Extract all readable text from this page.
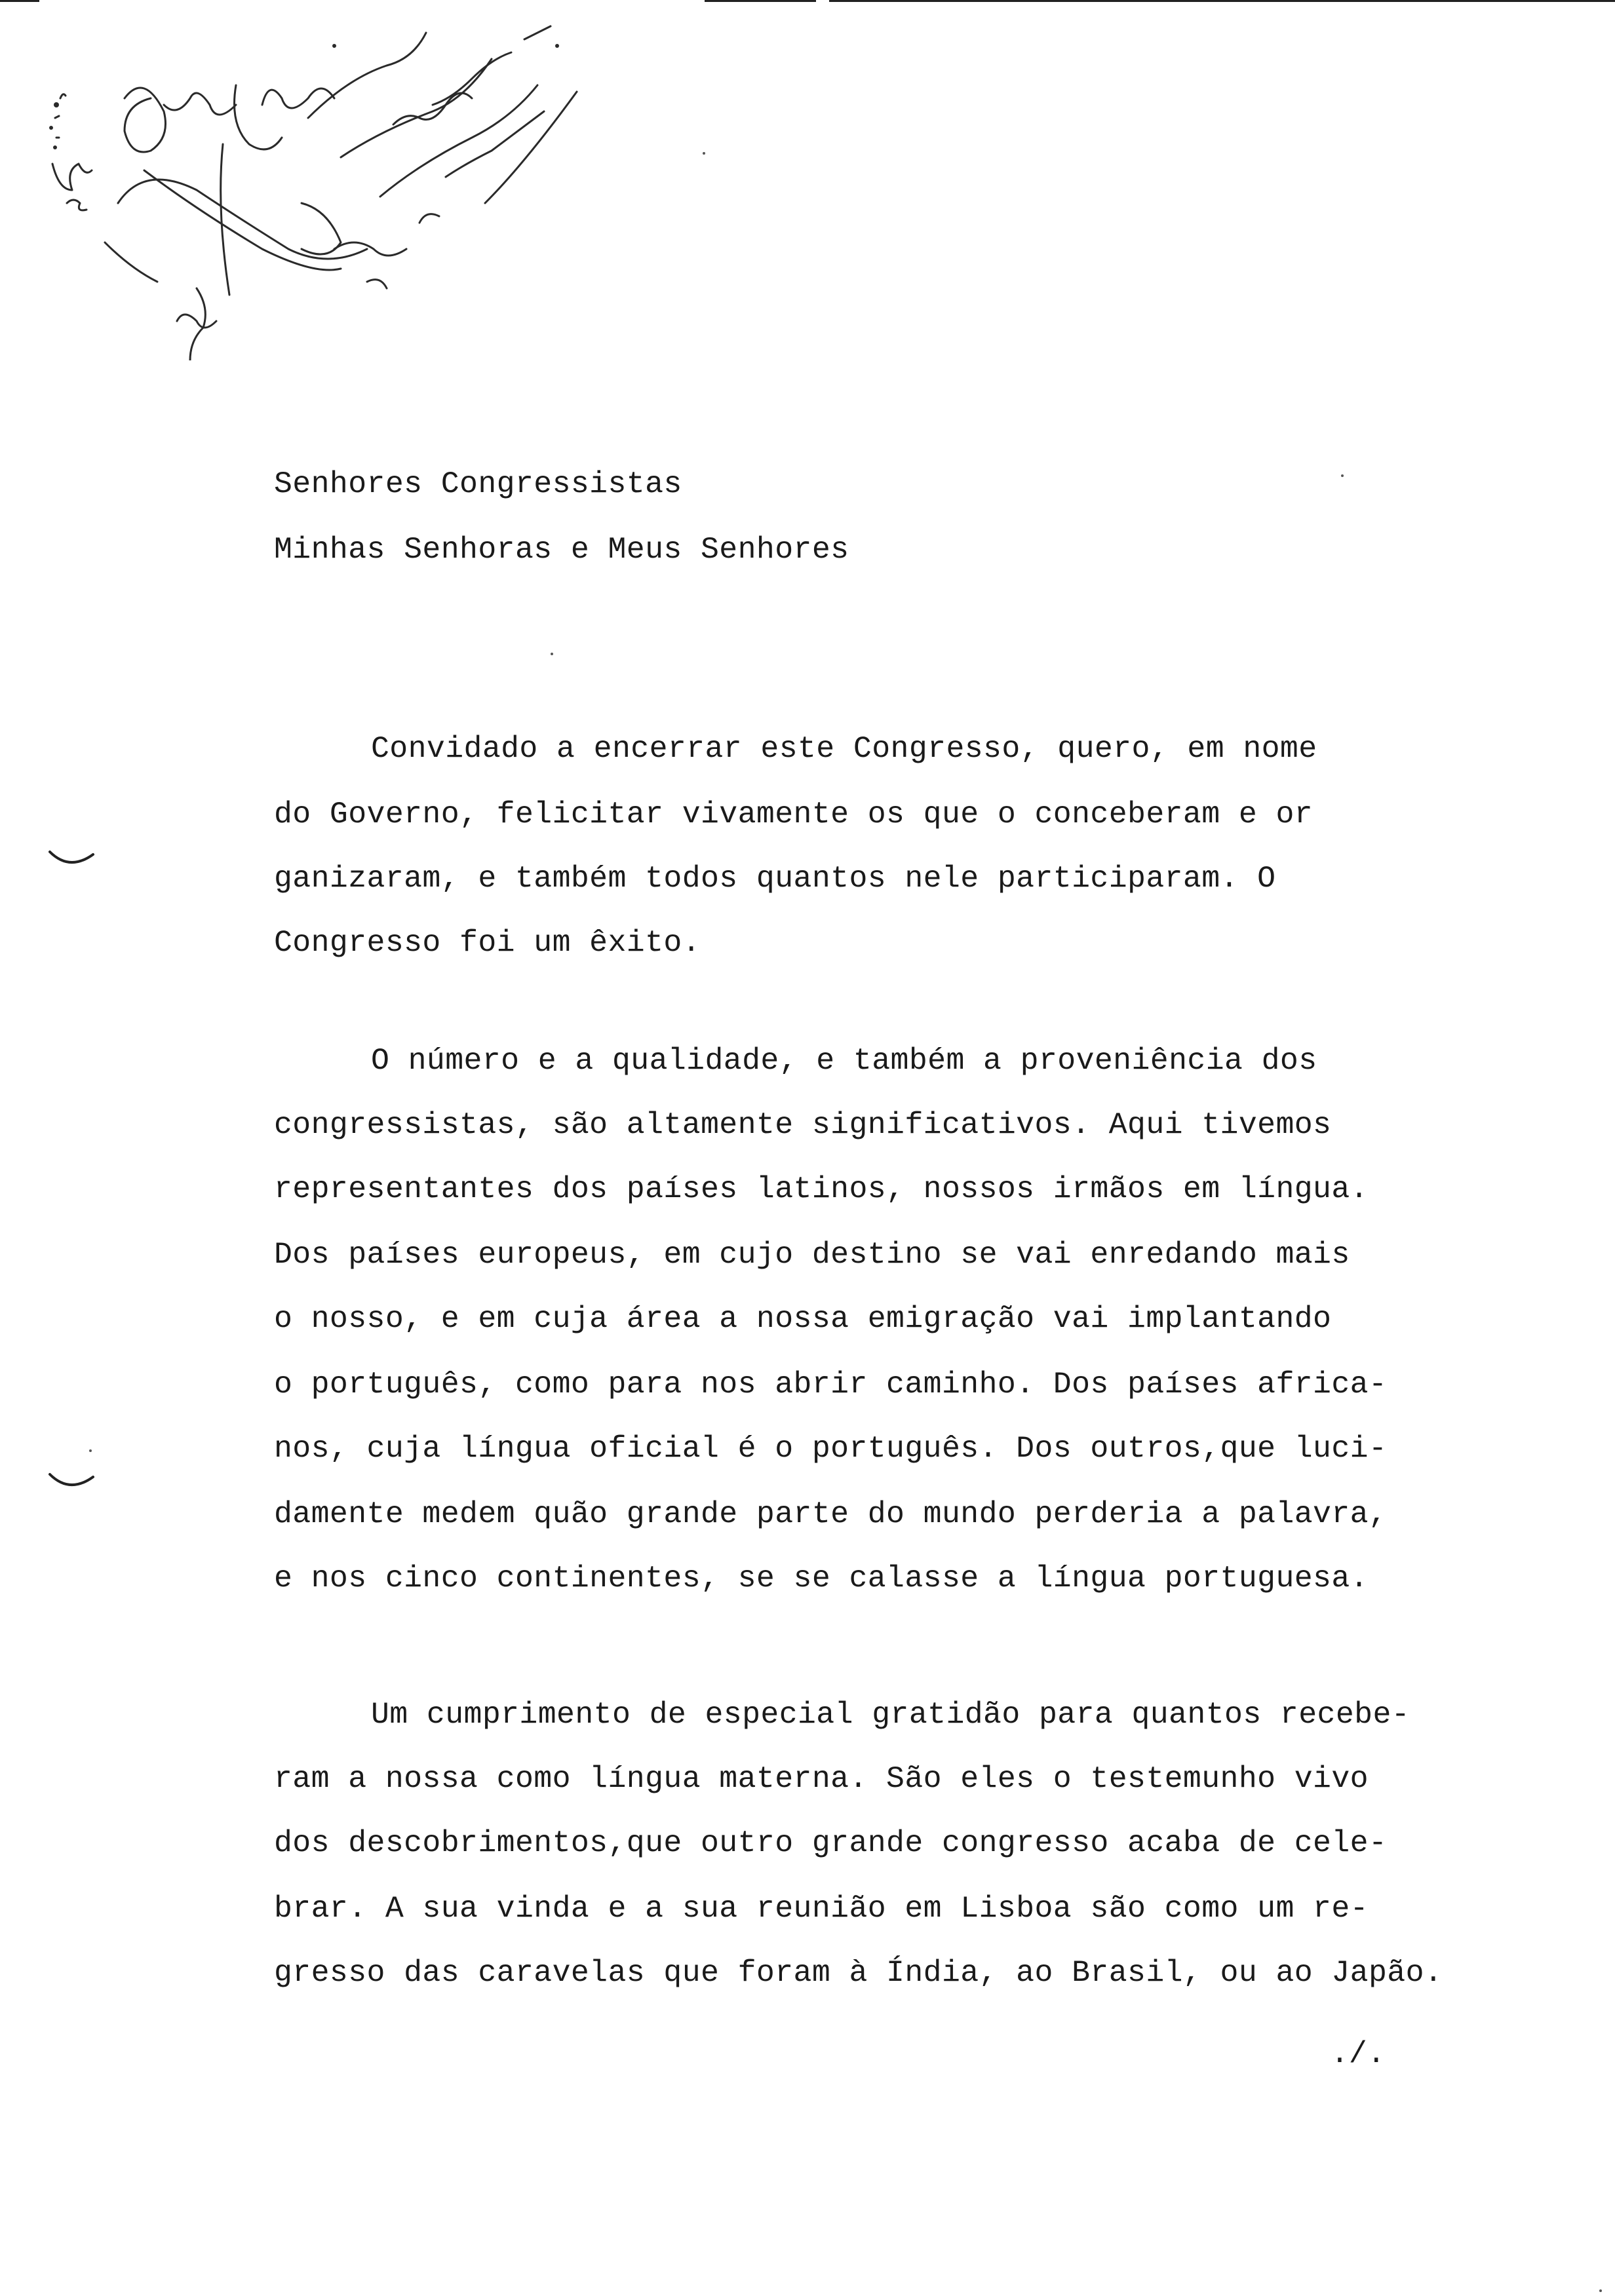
Senhores Congressistas

Minhas Senhoras e Meus Senhores

Convidado a encerrar este Congresso, quero, em nome

do Governo, felicitar vivamente os que o conceberam e or

ganizaram, e também todos quantos nele participaram. O

Congresso foi um êxito.

O número e a qualidade, e também a proveniência dos

congressistas, são altamente significativos. Aqui tivemos

representantes dos países latinos, nossos irmãos em língua.

Dos países europeus, em cujo destino se vai enredando mais

o nosso, e em cuja área a nossa emigração vai implantando

o português, como para nos abrir caminho. Dos países africa-

nos, cuja língua oficial é o português. Dos outros,que luci-

damente medem quão grande parte do mundo perderia a palavra,

e nos cinco continentes, se se calasse a língua portuguesa.

Um cumprimento de especial gratidão para quantos recebe-

ram a nossa como língua materna. São eles o testemunho vivo

dos descobrimentos,que outro grande congresso acaba de cele-

brar. A sua vinda e a sua reunião em Lisboa são como um re-

gresso das caravelas que foram à Índia, ao Brasil, ou ao Japão.

./.
